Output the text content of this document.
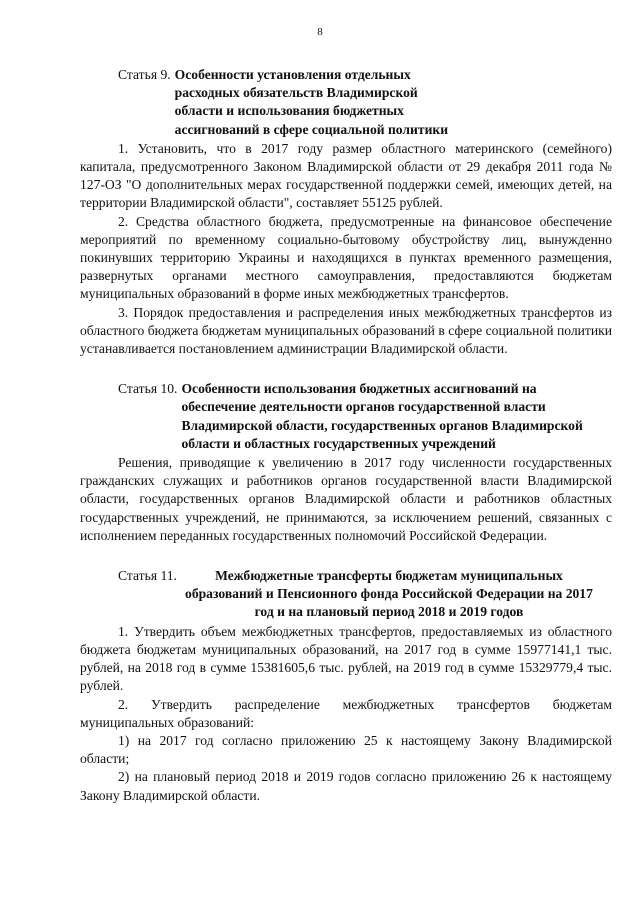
8
Статья 9. Особенности установления отдельных расходных обязательств Владимирской области и использования бюджетных ассигнований в сфере социальной политики

1. Установить, что в 2017 году размер областного материнского (семейного) капитала, предусмотренного Законом Владимирской области от 29 декабря 2011 года № 127-ОЗ "О дополнительных мерах государственной поддержки семей, имеющих детей, на территории Владимирской области", составляет 55125 рублей.

2. Средства областного бюджета, предусмотренные на финансовое обеспечение мероприятий по временному социально-бытовому обустройству лиц, вынужденно покинувших территорию Украины и находящихся в пунктах временного размещения, развернутых органами местного самоуправления, предоставляются бюджетам муниципальных образований в форме иных межбюджетных трансфертов.

3. Порядок предоставления и распределения иных межбюджетных трансфертов из областного бюджета бюджетам муниципальных образований в сфере социальной политики устанавливается постановлением администрации Владимирской области.

Статья 10. Особенности использования бюджетных ассигнований на обеспечение деятельности органов государственной власти Владимирской области, государственных органов Владимирской области и областных государственных учреждений

Решения, приводящие к увеличению в 2017 году численности государственных гражданских служащих и работников органов государственной власти Владимирской области, государственных органов Владимирской области и работников областных государственных учреждений, не принимаются, за исключением решений, связанных с исполнением переданных государственных полномочий Российской Федерации.

Статья 11.	Межбюджетные трансферты бюджетам муниципальных образований и Пенсионного фонда Российской Федерации на 2017 год и на плановый период 2018 и 2019 годов

1. Утвердить объем межбюджетных трансфертов, предоставляемых из областного бюджета бюджетам муниципальных образований, на 2017 год в сумме 15977141,1 тыс. рублей, на 2018 год в сумме 15381605,6 тыс. рублей, на 2019 год в сумме 15329779,4 тыс. рублей.

2. Утвердить распределение межбюджетных трансфертов бюджетам муниципальных образований:

1) на 2017 год согласно приложению 25 к настоящему Закону Владимирской области;

2) на плановый период 2018 и 2019 годов согласно приложению 26 к настоящему Закону Владимирской области.
